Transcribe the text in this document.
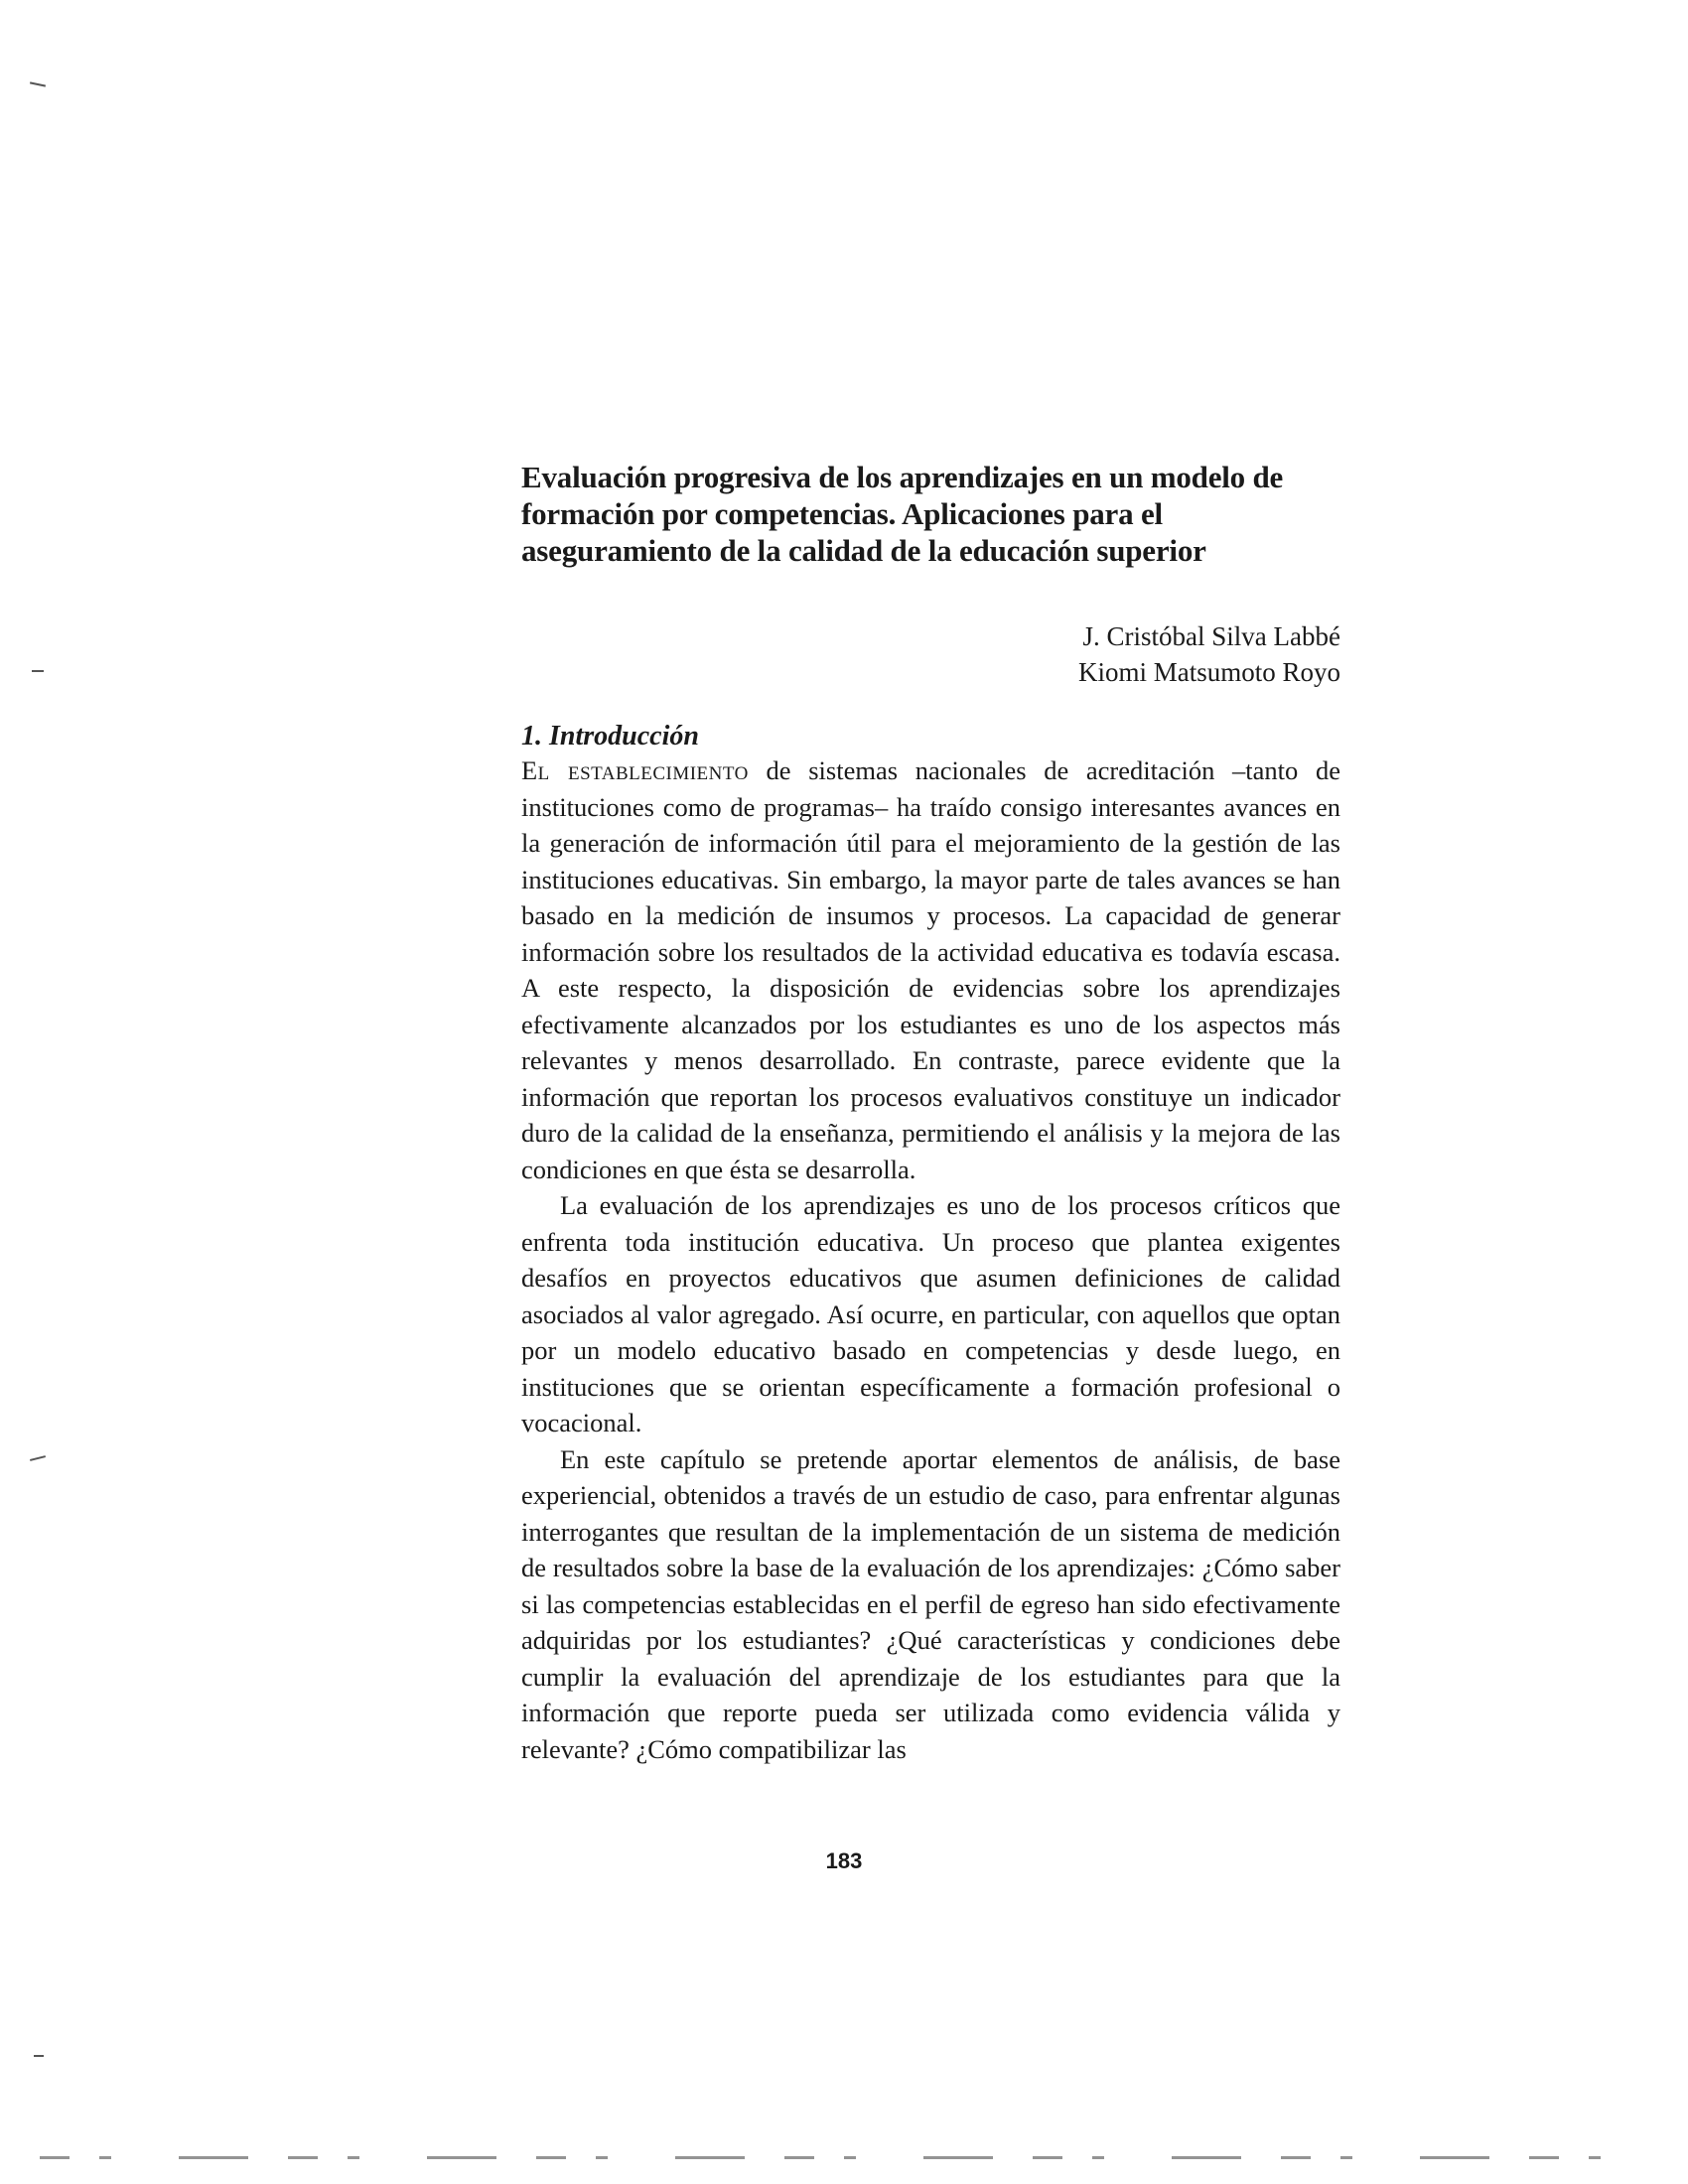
Evaluación progresiva de los aprendizajes en un modelo de formación por competencias. Aplicaciones para el aseguramiento de la calidad de la educación superior
J. Cristóbal Silva Labbé
Kiomi Matsumoto Royo
1. Introducción

El establecimiento de sistemas nacionales de acreditación –tanto de instituciones como de programas– ha traído consigo interesantes avances en la generación de información útil para el mejoramiento de la gestión de las instituciones educativas. Sin embargo, la mayor parte de tales avances se han basado en la medición de insumos y procesos. La capacidad de generar información sobre los resultados de la actividad educativa es todavía escasa. A este respecto, la disposición de evidencias sobre los aprendizajes efectivamente alcanzados por los estudiantes es uno de los aspectos más relevantes y menos desarrollado. En contraste, parece evidente que la información que reportan los procesos evaluativos constituye un indicador duro de la calidad de la enseñanza, permitiendo el análisis y la mejora de las condiciones en que ésta se desarrolla.

La evaluación de los aprendizajes es uno de los procesos críticos que enfrenta toda institución educativa. Un proceso que plantea exigentes desafíos en proyectos educativos que asumen definiciones de calidad asociados al valor agregado. Así ocurre, en particular, con aquellos que optan por un modelo educativo basado en competencias y desde luego, en instituciones que se orientan específicamente a formación profesional o vocacional.

En este capítulo se pretende aportar elementos de análisis, de base experiencial, obtenidos a través de un estudio de caso, para enfrentar algunas interrogantes que resultan de la implementación de un sistema de medición de resultados sobre la base de la evaluación de los aprendizajes: ¿Cómo saber si las competencias establecidas en el perfil de egreso han sido efectivamente adquiridas por los estudiantes? ¿Qué características y condiciones debe cumplir la evaluación del aprendizaje de los estudiantes para que la información que reporte pueda ser utilizada como evidencia válida y relevante? ¿Cómo compatibilizar las

183
